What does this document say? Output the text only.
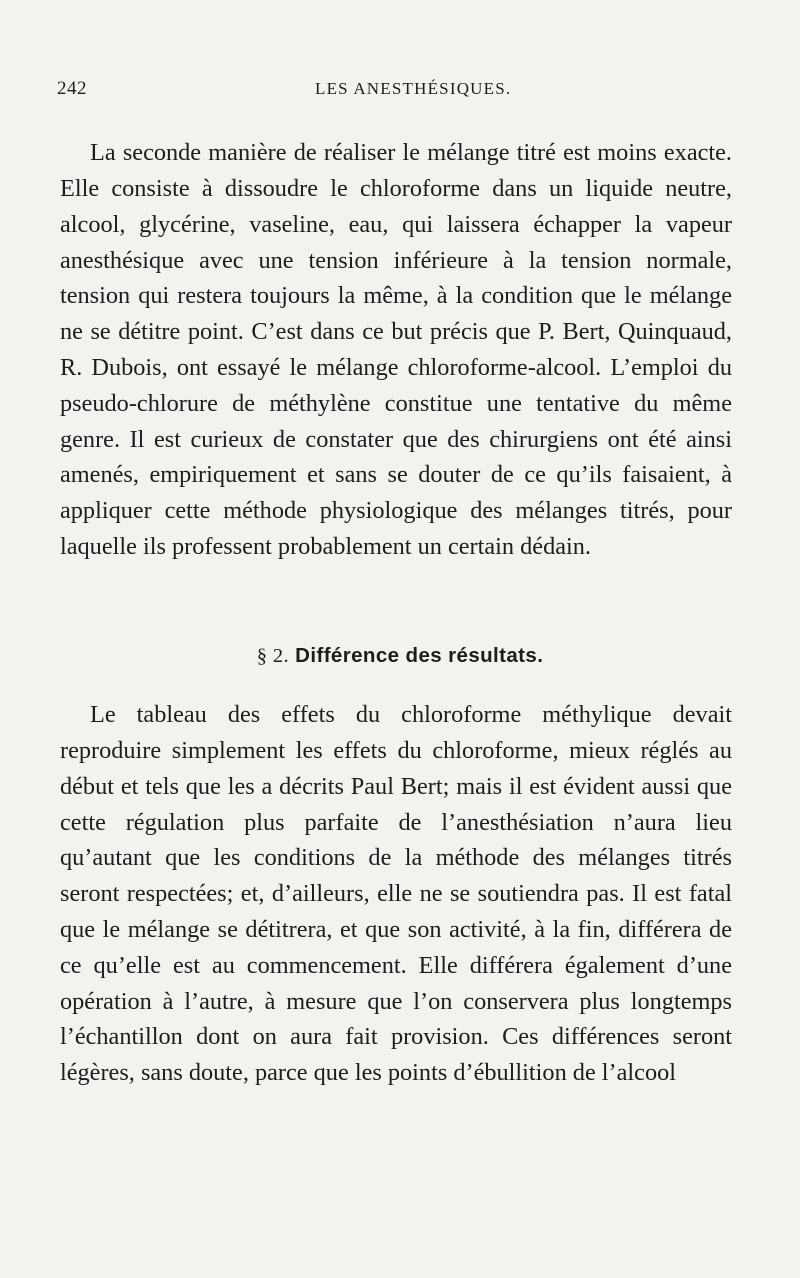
242	LES ANESTHÉSIQUES.

La seconde manière de réaliser le mélange titré est moins exacte. Elle consiste à dissoudre le chloroforme dans un liquide neutre, alcool, glycérine, vaseline, eau, qui laissera échapper la vapeur anesthésique avec une tension inférieure à la tension normale, tension qui restera toujours la même, à la condition que le mélange ne se détitre point. C’est dans ce but précis que P. Bert, Quinquaud, R. Dubois, ont essayé le mélange chloroforme-alcool. L’emploi du pseudo-chlorure de méthylène constitue une tentative du même genre. Il est curieux de constater que des chirurgiens ont été ainsi amenés, empiriquement et sans se douter de ce qu’ils faisaient, à appliquer cette méthode physiologique des mélanges titrés, pour laquelle ils professent probablement un certain dédain.

§ 2. Différence des résultats.

Le tableau des effets du chloroforme méthylique devait reproduire simplement les effets du chloroforme, mieux réglés au début et tels que les a décrits Paul Bert; mais il est évident aussi que cette régulation plus parfaite de l’anesthésiation n’aura lieu qu’autant que les conditions de la méthode des mélanges titrés seront respectées; et, d’ailleurs, elle ne se soutiendra pas. Il est fatal que le mélange se détitrera, et que son activité, à la fin, différera de ce qu’elle est au commencement. Elle différera également d’une opération à l’autre, à mesure que l’on conservera plus longtemps l’échantillon dont on aura fait provision. Ces différences seront légères, sans doute, parce que les points d’ébullition de l’alcool
